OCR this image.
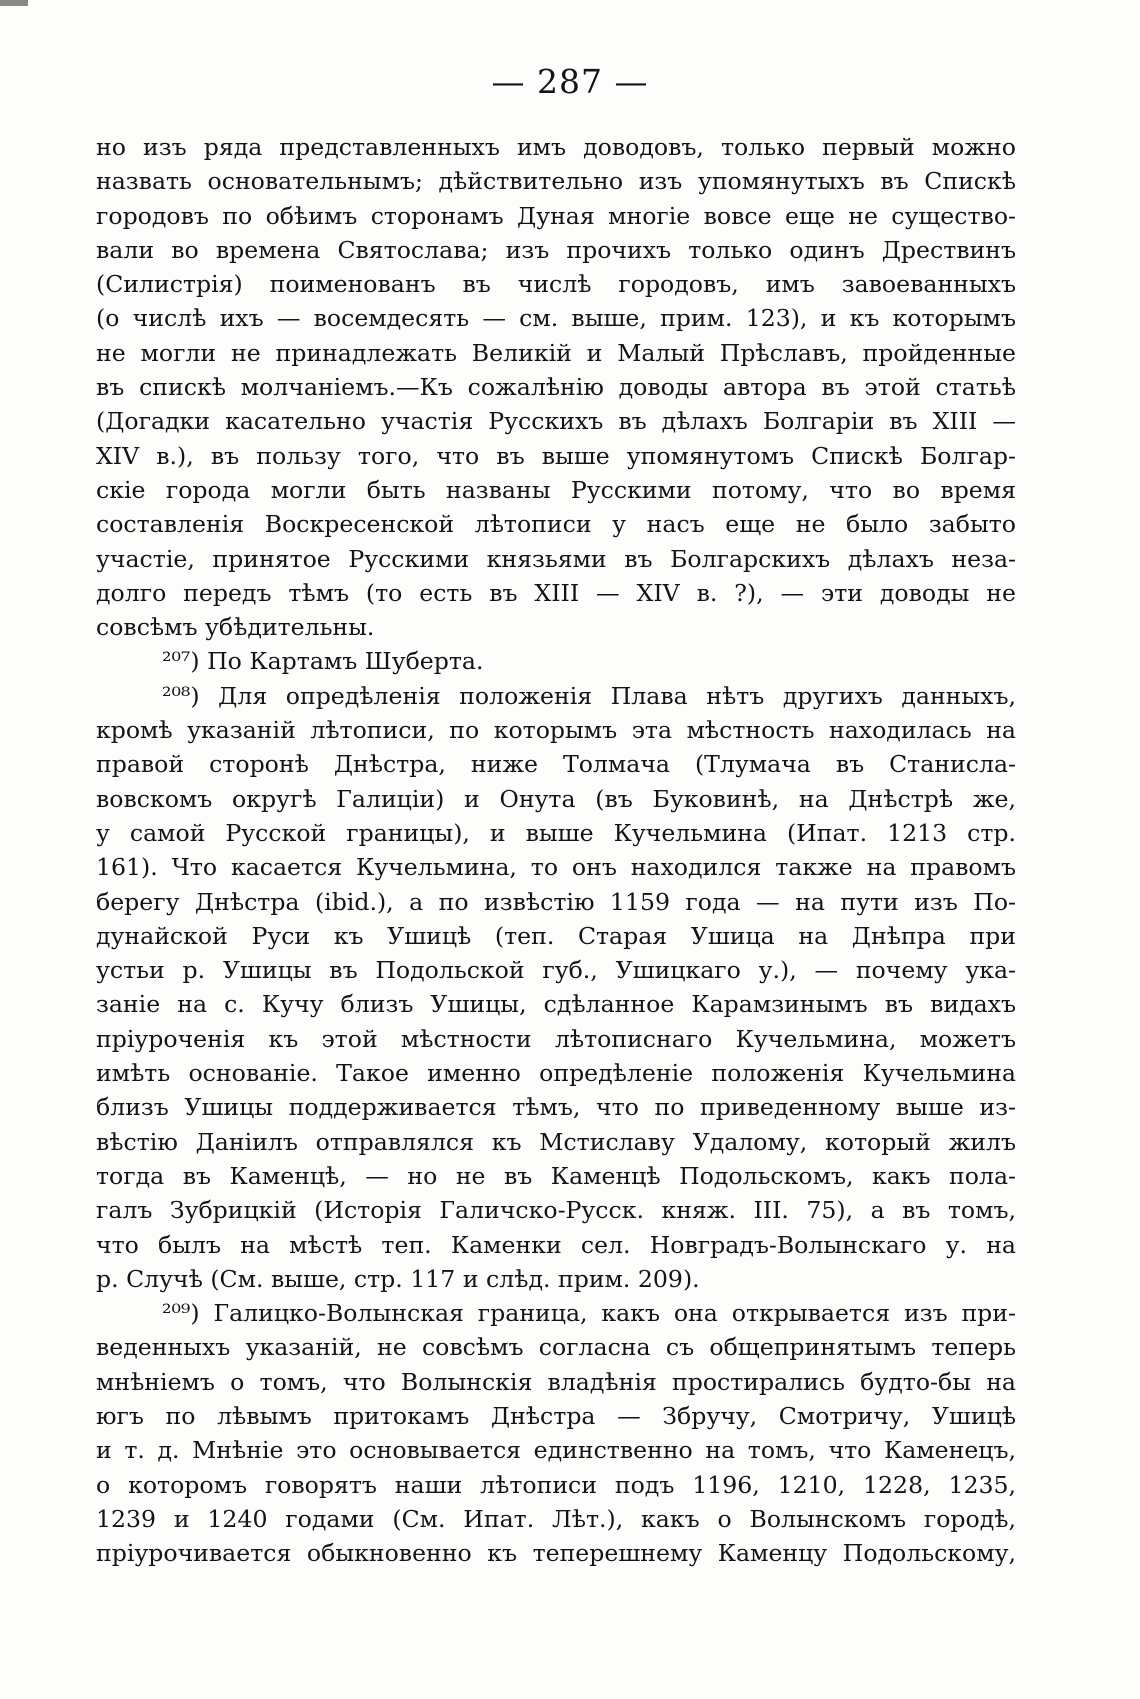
— 287 —
но изъ ряда представленныхъ имъ доводовъ, только первый можно
назвать основательнымъ; дѣйствительно изъ упомянутыхъ въ Спискѣ
городовъ по обѣимъ сторонамъ Дуная многіе вовсе еще не существо-
вали во времена Святослава; изъ прочихъ только одинъ Дреcтвинъ
(Силистрія) поименованъ въ числѣ городовъ, имъ завоеванныхъ
(о числѣ ихъ — восемдесять — см. выше, прим. 123), и къ которымъ
не могли не принадлежать Великій и Малый Прѣславъ, пройденные
въ спискѣ молчаніемъ.—Къ сожалѣнію доводы автора въ этой статьѣ
(Догадки касательно участія Русскихъ въ дѣлахъ Болгаріи въ XIII —
XIV в.), въ пользу того, что въ выше упомянутомъ Спискѣ Болгар-
скіе города могли быть названы Русскими потому, что во время
составленія Воскресенской лѣтописи у насъ еще не было забыто
участіе, принятое Русскими князьями въ Болгарскихъ дѣлахъ неза-
долго передъ тѣмъ (то есть въ XIII — XIV в. ?), — эти доводы не
совсѣмъ убѣдительны.
²⁰⁷) По Картамъ Шуберта.
²⁰⁸) Для опредѣленія положенія Плава нѣтъ другихъ данныхъ,
кромѣ указаній лѣтописи, по которымъ эта мѣстность находилась на
правой сторонѣ Днѣстра, ниже Толмача (Тлумача въ Станисла-
вовскомъ округѣ Галиціи) и Онута (въ Буковинѣ, на Днѣстрѣ же,
у самой Русской границы), и выше Кучельмина (Ипат. 1213 стр.
161). Что касается Кучельмина, то онъ находился также на правомъ
берегу Днѣстра (ibid.), а по извѣстію 1159 года — на пути изъ По-
дунайской Руси къ Ушицѣ (теп. Старая Ушица на Днѣпра при
устьи р. Ушицы въ Подольской губ., Ушицкаго у.), — почему ука-
заніе на с. Кучу близъ Ушицы, сдѣланное Карамзинымъ въ видахъ
пріуроченія къ этой мѣстности лѣтописнаго Кучельмина, можетъ
имѣть основаніе. Такое именно опредѣленіе положенія Кучельмина
близъ Ушицы поддерживается тѣмъ, что по приведенному выше из-
вѣстію Даніилъ отправлялся къ Мстиславу Удалому, который жилъ
тогда въ Каменцѣ, — но не въ Каменцѣ Подольскомъ, какъ пола-
галъ Зубрицкій (Исторія Галичско-Русск. княж. III. 75), а въ томъ,
что былъ на мѣстѣ теп. Каменки сел. Новградъ-Волынскаго у. на
р. Случѣ (См. выше, стр. 117 и слѣд. прим. 209).
²⁰⁹) Галицко-Волынская граница, какъ она открывается изъ при-
веденныхъ указаній, не совсѣмъ согласна съ общепринятымъ теперь
мнѣніемъ о томъ, что Волынскія владѣнія простирались будто-бы на
югъ по лѣвымъ притокамъ Днѣстра — Збручу, Смотричу, Ушицѣ
и т. д. Мнѣніе это основывается единственно на томъ, что Каменецъ,
о которомъ говорятъ наши лѣтописи подъ 1196, 1210, 1228, 1235,
1239 и 1240 годами (См. Ипат. Лѣт.), какъ о Волынскомъ городѣ,
пріурочивается обыкновенно къ теперешнему Каменцу Подольскому,
